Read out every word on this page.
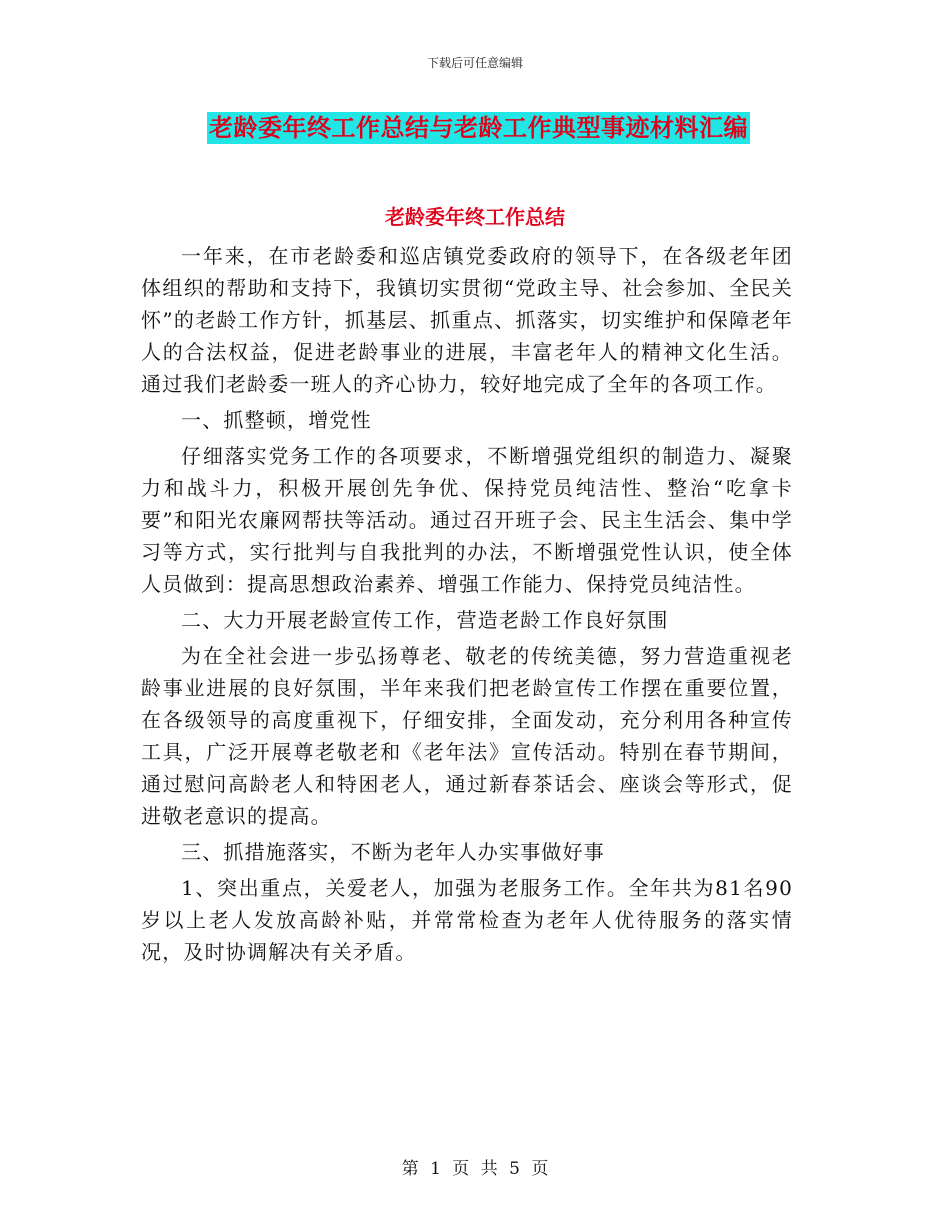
下载后可任意编辑
老龄委年终工作总结与老龄工作典型事迹材料汇编
老龄委年终工作总结

一年来，在市老龄委和巡店镇党委政府的领导下，在各级老年团体组织的帮助和支持下，我镇切实贯彻“党政主导、社会参加、全民关怀”的老龄工作方针，抓基层、抓重点、抓落实，切实维护和保障老年人的合法权益，促进老龄事业的进展，丰富老年人的精神文化生活。通过我们老龄委一班人的齐心协力，较好地完成了全年的各项工作。

一、抓整顿，增党性

仔细落实党务工作的各项要求，不断增强党组织的制造力、凝聚力和战斗力，积极开展创先争优、保持党员纯洁性、整治“吃拿卡要”和阳光农廉网帮扶等活动。通过召开班子会、民主生活会、集中学习等方式，实行批判与自我批判的办法，不断增强党性认识，使全体人员做到：提高思想政治素养、增强工作能力、保持党员纯洁性。

二、大力开展老龄宣传工作，营造老龄工作良好氛围

为在全社会进一步弘扬尊老、敬老的传统美德，努力营造重视老龄事业进展的良好氛围，半年来我们把老龄宣传工作摆在重要位置，在各级领导的高度重视下，仔细安排，全面发动，充分利用各种宣传工具，广泛开展尊老敬老和《老年法》宣传活动。特别在春节期间，通过慰问高龄老人和特困老人，通过新春茶话会、座谈会等形式，促进敬老意识的提高。

三、抓措施落实，不断为老年人办实事做好事

1、突出重点，关爱老人，加强为老服务工作。全年共为81名90岁以上老人发放高龄补贴，并常常检查为老年人优待服务的落实情况，及时协调解决有关矛盾。

第 1 页 共 5 页
